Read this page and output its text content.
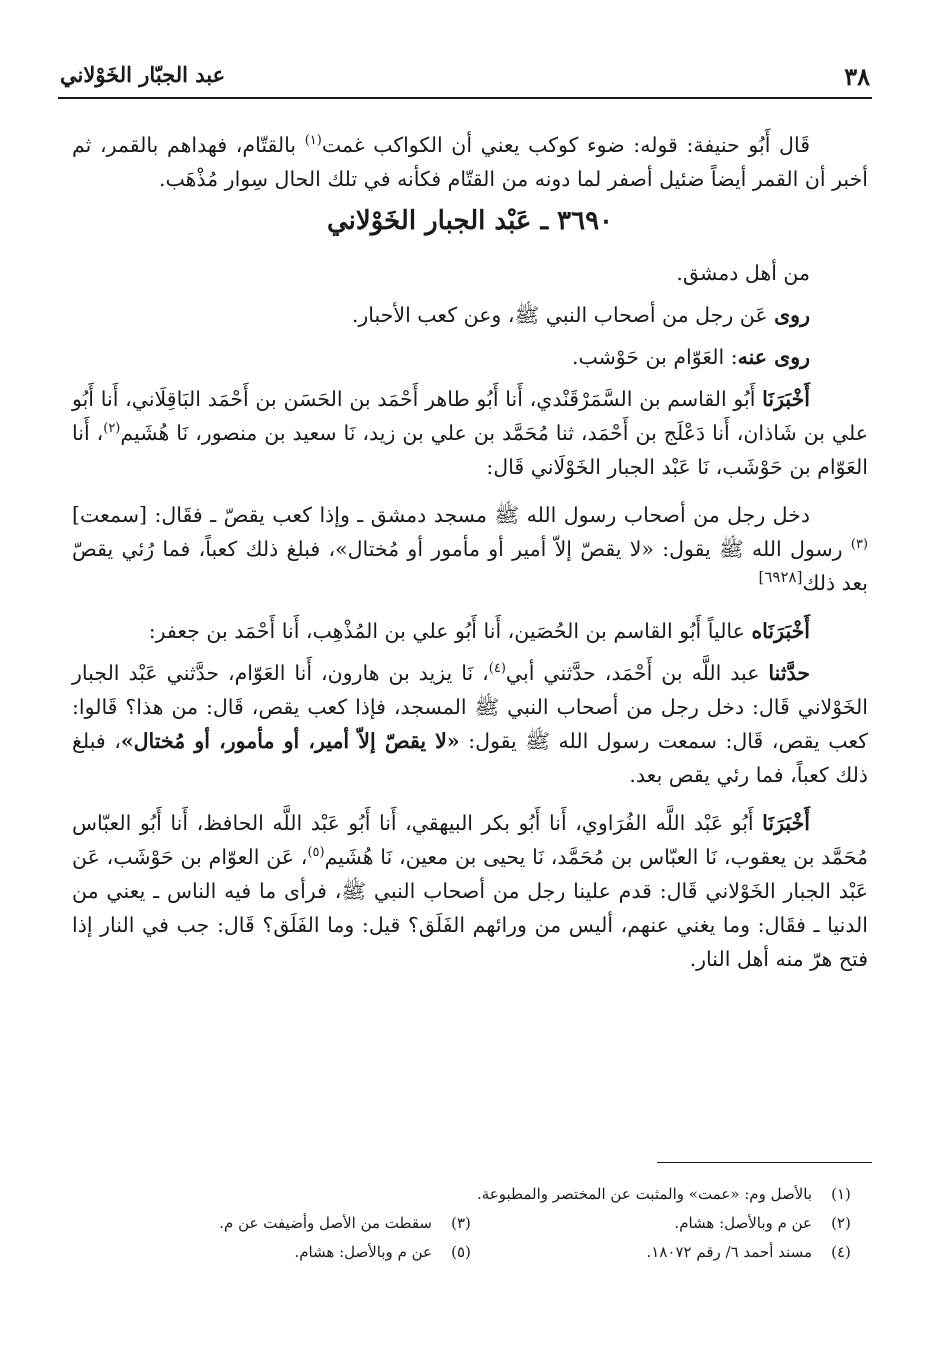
٣٨
عبد الجبّار الخَوْلاني

قَال أَبُو حنيفة: قوله: ضوء كوكب يعني أن الكواكب غمت$^{(١)}$ بالقتّام، فهداهم بالقمر، ثم أخبر أن القمر أيضاً ضئيل أصفر لما دونه من القتّام فكأنه في تلك الحال سِوار مُذْهَب.

٣٦٩٠ ـ عَبْد الجبار الخَوْلاني

من أهل دمشق.

روى عَن رجل من أصحاب النبي ﷺ، وعن كعب الأحبار.

روى عنه: العَوّام بن حَوْشب.

أَخْبَرَنَا أَبُو القاسم بن السَّمَرْقَنْدي، أَنا أَبُو طاهر أَحْمَد بن الحَسَن بن أَحْمَد البَاقِلَاني، أَنا أَبُو علي بن شَاذان، أَنا دَعْلَج بن أَحْمَد، ثنا مُحَمَّد بن علي بن زيد، نَا سعيد بن منصور، نَا هُشَيم$^{(٢)}$، أَنا العَوّام بن حَوْشَب، نَا عَبْد الجبار الخَوْلَاني قَال:

دخل رجل من أصحاب رسول الله ﷺ مسجد دمشق ـ وإذا كعب يقصّ ـ فقَال: [سمعت]$^{(٣)}$ رسول الله ﷺ يقول: «لا يقصّ إلاّ أمير أو مأمور أو مُختال»، فبلغ ذلك كعباً، فما رُئي يقصّ بعد ذلك[٦٩٢٨]

أَخْبَرَنَاه عالياً أَبُو القاسم بن الحُصَين، أَنا أَبُو علي بن المُذْهِب، أَنا أَحْمَد بن جعفر:

حدَّثنا عبد اللَّه بن أَحْمَد، حدَّثني أبي$^{(٤)}$، نَا يزيد بن هارون، أَنا العَوّام، حدَّثني عَبْد الجبار الخَوْلاني قَال: دخل رجل من أصحاب النبي ﷺ المسجد، فإذا كعب يقص، قَال: من هذا؟ قَالوا: كعب يقص، قَال: سمعت رسول الله ﷺ يقول: «لا يقصّ إلاّ أمير، أو مأمور، أو مُختال»، فبلغ ذلك كعباً، فما رئي يقص بعد.

أَخْبَرَنَا أَبُو عَبْد اللَّه الفُرَاوي، أَنا أَبُو بكر البيهقي، أَنا أَبُو عَبْد اللَّه الحافظ، أَنا أَبُو العبّاس مُحَمَّد بن يعقوب، نَا العبّاس بن مُحَمَّد، نَا يحيى بن معين، نَا هُشَيم$^{(٥)}$، عَن العوّام بن حَوْشَب، عَن عَبْد الجبار الخَوْلاني قَال: قدم علينا رجل من أصحاب النبي ﷺ، فرأى ما فيه الناس ـ يعني من الدنيا ـ فقَال: وما يغني عنهم، أليس من ورائهم الفَلَق؟ قيل: وما الفَلَق؟ قَال: جب في النار إذا فتح هرّ منه أهل النار.

(١)
بالأصل وم: «عمت» والمثبت عن المختصر والمطبوعة.
(٢)
عن م وبالأصل: هشام.
(٣)
سقطت من الأصل وأضيفت عن م.
(٤)
مسند أحمد ٦/ رقم ١٨٠٧٢.
(٥)
عن م وبالأصل: هشام.
